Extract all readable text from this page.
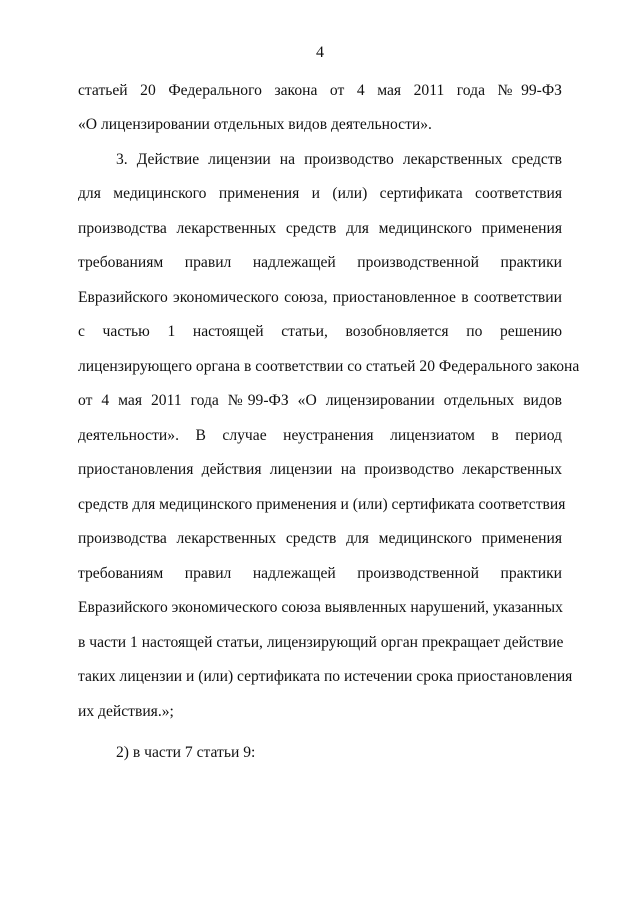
4
статьей 20 Федерального закона от 4 мая 2011 года №99-ФЗ
«О лицензировании отдельных видов деятельности».
3. Действие лицензии на производство лекарственных средств
для медицинского применения и (или) сертификата соответствия
производства лекарственных средств для медицинского применения
требованиям правил надлежащей производственной практики
Евразийского экономического союза, приостановленное в соответствии
с частью 1 настоящей статьи, возобновляется по решению
лицензирующего органа в соответствии со статьей 20 Федерального закона
от 4 мая 2011 года №99-ФЗ «О лицензировании отдельных видов
деятельности». В случае неустранения лицензиатом в период
приостановления действия лицензии на производство лекарственных
средств для медицинского применения и (или) сертификата соответствия
производства лекарственных средств для медицинского применения
требованиям правил надлежащей производственной практики
Евразийского экономического союза выявленных нарушений, указанных
в части 1 настоящей статьи, лицензирующий орган прекращает действие
таких лицензии и (или) сертификата по истечении срока приостановления
их действия.»;
2) в части 7 статьи 9:
